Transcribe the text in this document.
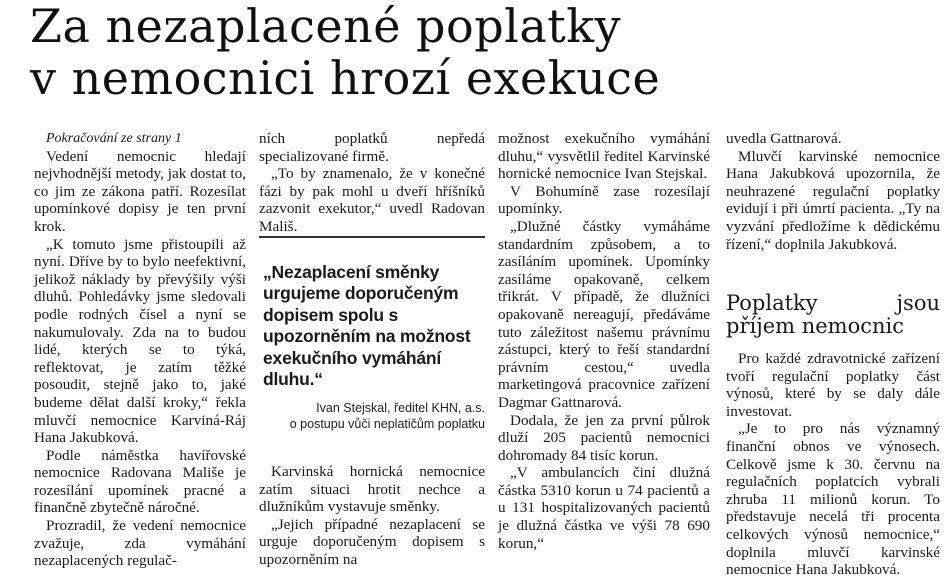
Za nezaplacené poplatky
v nemocnici hrozí exekuce

Pokračování ze strany 1

Vedení nemocnic hledají nejvhodnější metody, jak dostat to, co jim ze zákona patří. Rozesílat upomínkové dopisy je ten první krok.

„K tomuto jsme přistoupili až nyní. Dříve by to bylo neefektivní, jelikož náklady by převýšily výši dluhů. Pohledávky jsme sledovali podle rodných čísel a nyní se nakumulovaly. Zda na to budou lidé, kterých se to týká, reflektovat, je zatím těžké posoudit, stejně jako to, jaké budeme dělat další kroky,“ řekla mluvčí nemocnice Karviná-Ráj Hana Jakubková.

Podle náměstka havířovské nemocnice Radovana Mališe je rozesílání upomínek pracné a finančně zbytečně náročné.

Prozradil, že vedení nemocnice zvažuje, zda vymáhání nezaplacených regulač-

ních poplatků nepředá specializované firmě.

„To by znamenalo, že v konečné fázi by pak mohl u dveří hříšníků zazvonit exekutor,“ uvedl Radovan Mališ.

„Nezaplacení směnky urgujeme doporučeným dopisem spolu s upozorněním na možnost exekučního vymáhání dluhu.“
Ivan Stejskal, ředitel KHN, a.s.
o postupu vůči neplatičům poplatku

Karvinská hornická nemocnice zatím situaci hrotit nechce a dlužníkům vystavuje směnky.

„Jejich případné nezaplacení se urguje doporučeným dopisem s upozorněním na

možnost exekučního vymáhání dluhu,“ vysvětlil ředitel Karvinské hornické nemocnice Ivan Stejskal.

V Bohumíně zase rozesílají upomínky.

„Dlužné částky vymáháme standardním způsobem, a to zasíláním upomínek. Upomínky zasíláme opakovaně, celkem třikrát. V případě, že dlužníci opakovaně nereagují, předáváme tuto záležitost našemu právnímu zástupci, který to řeší standardní právním cestou,“ uvedla marketingová pracovnice zařízení Dagmar Gattnarová.

Dodala, že jen za první půlrok dluží 205 pacientů nemocnici dohromady 84 tisíc korun.

„V ambulancích činí dlužná částka 5310 korun u 74 pacientů a u 131 hospitalizovaných pacientů je dlužná částka ve výši 78 690 korun,“

uvedla Gattnarová.

Mluvčí karvinské nemocnice Hana Jakubková upozornila, že neuhrazené regulační poplatky evidují i při úmrtí pacienta. „Ty na vyzvání předložíme k dědickému řízení,“ doplnila Jakubková.

Poplatky jsou příjem nemocnic

Pro každé zdravotnické zařízení tvoří regulační poplatky část výnosů, které by se daly dále investovat.

„Je to pro nás významný finanční obnos ve výnosech. Celkově jsme k 30. červnu na regulačních poplatcích vybrali zhruba 11 milionů korun. To představuje necelá tři procenta celkových výnosů nemocnice,“ doplnila mluvčí karvinské nemocnice Hana Jakubková.
